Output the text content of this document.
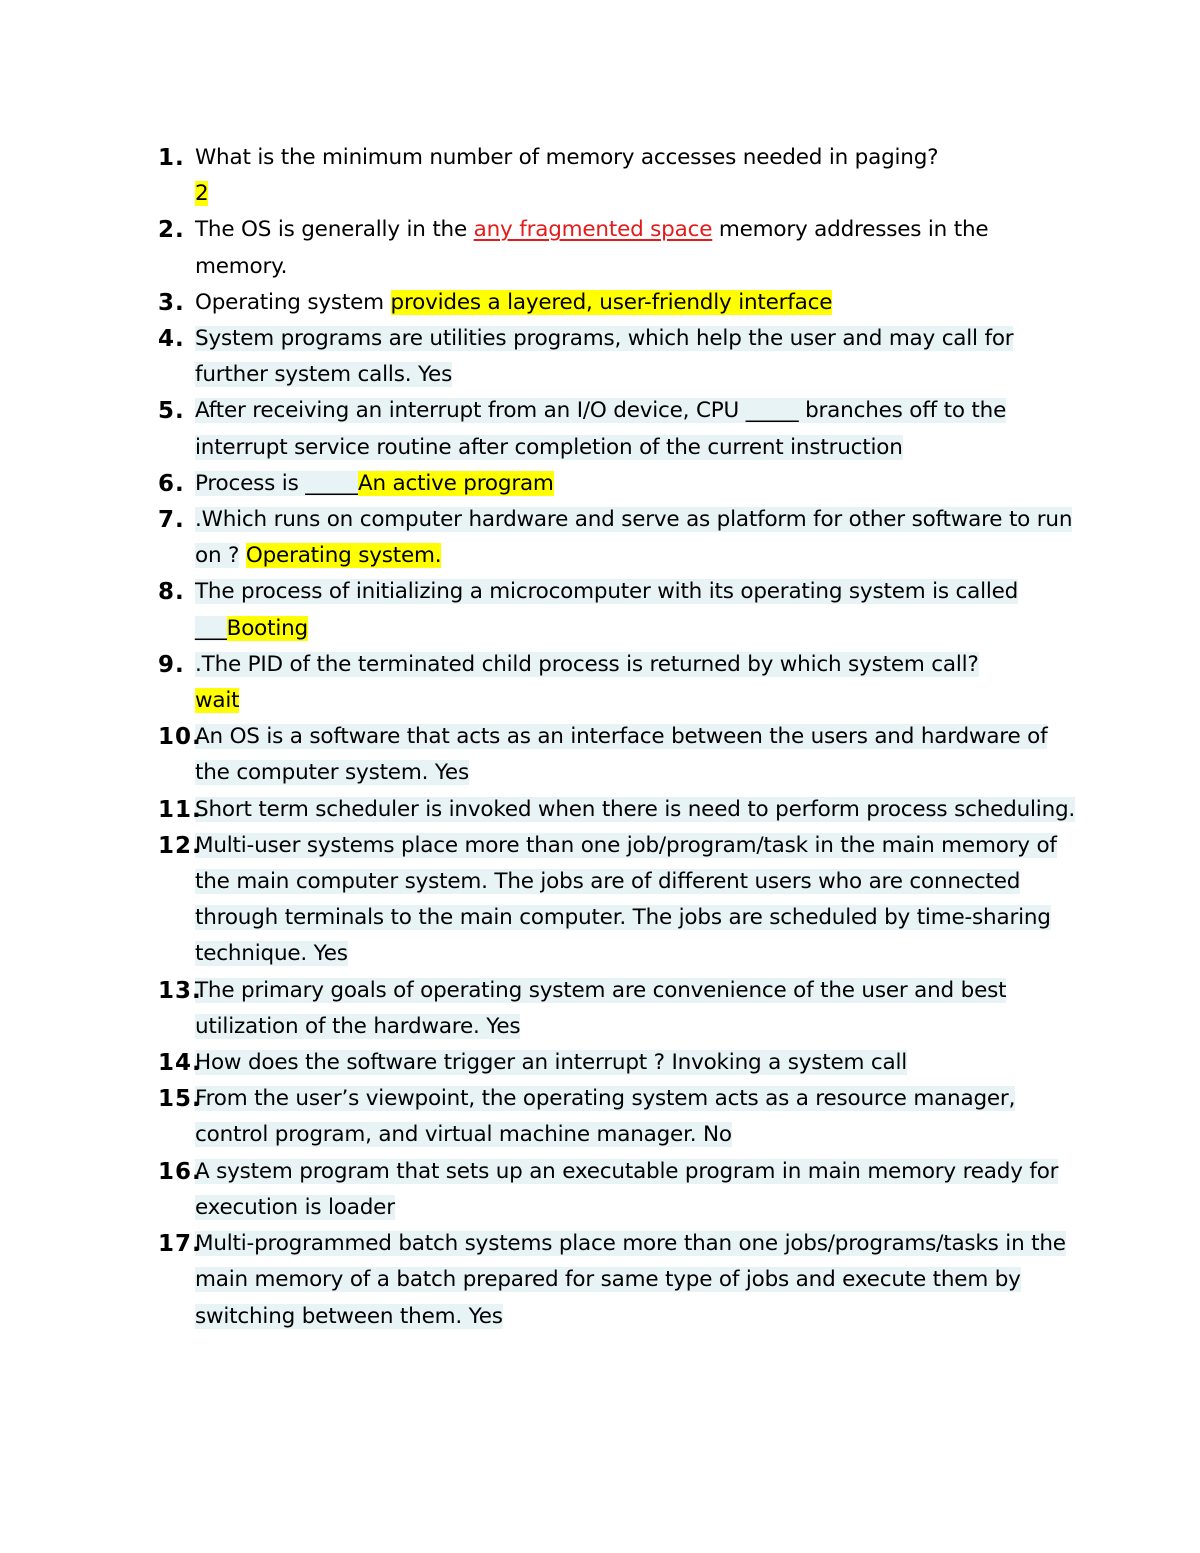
1. What is the minimum number of memory accesses needed in paging?
2
2. The OS is generally in the any fragmented space memory addresses in the memory.
3. Operating system provides a layered, user-friendly interface
4. System programs are utilities programs, which help the user and may call for further system calls. Yes
5. After receiving an interrupt from an I/O device, CPU _____ branches off to the interrupt service routine after completion of the current instruction
6. Process is _____An active program
7. .Which runs on computer hardware and serve as platform for other software to run on ? Operating system.
8. The process of initializing a microcomputer with its operating system is called ___Booting
9. .The PID of the terminated child process is returned by which system call?
wait
10.
An OS is a software that acts as an interface between the users and hardware of the computer system. Yes
11.
Short term scheduler is invoked when there is need to perform process scheduling.
12.
Multi-user systems place more than one job/program/task in the main memory of the main computer system. The jobs are of different users who are connected through terminals to the main computer. The jobs are scheduled by time-sharing technique. Yes
13.
The primary goals of operating system are convenience of the user and best utilization of the hardware. Yes
14.
How does the software trigger an interrupt ? Invoking a system call
15.
From the user’s viewpoint, the operating system acts as a resource manager, control program, and virtual machine manager. No
16.
A system program that sets up an executable program in main memory ready for execution is loader
17.
Multi-programmed batch systems place more than one jobs/programs/tasks in the main memory of a batch prepared for same type of jobs and execute them by switching between them. Yes
